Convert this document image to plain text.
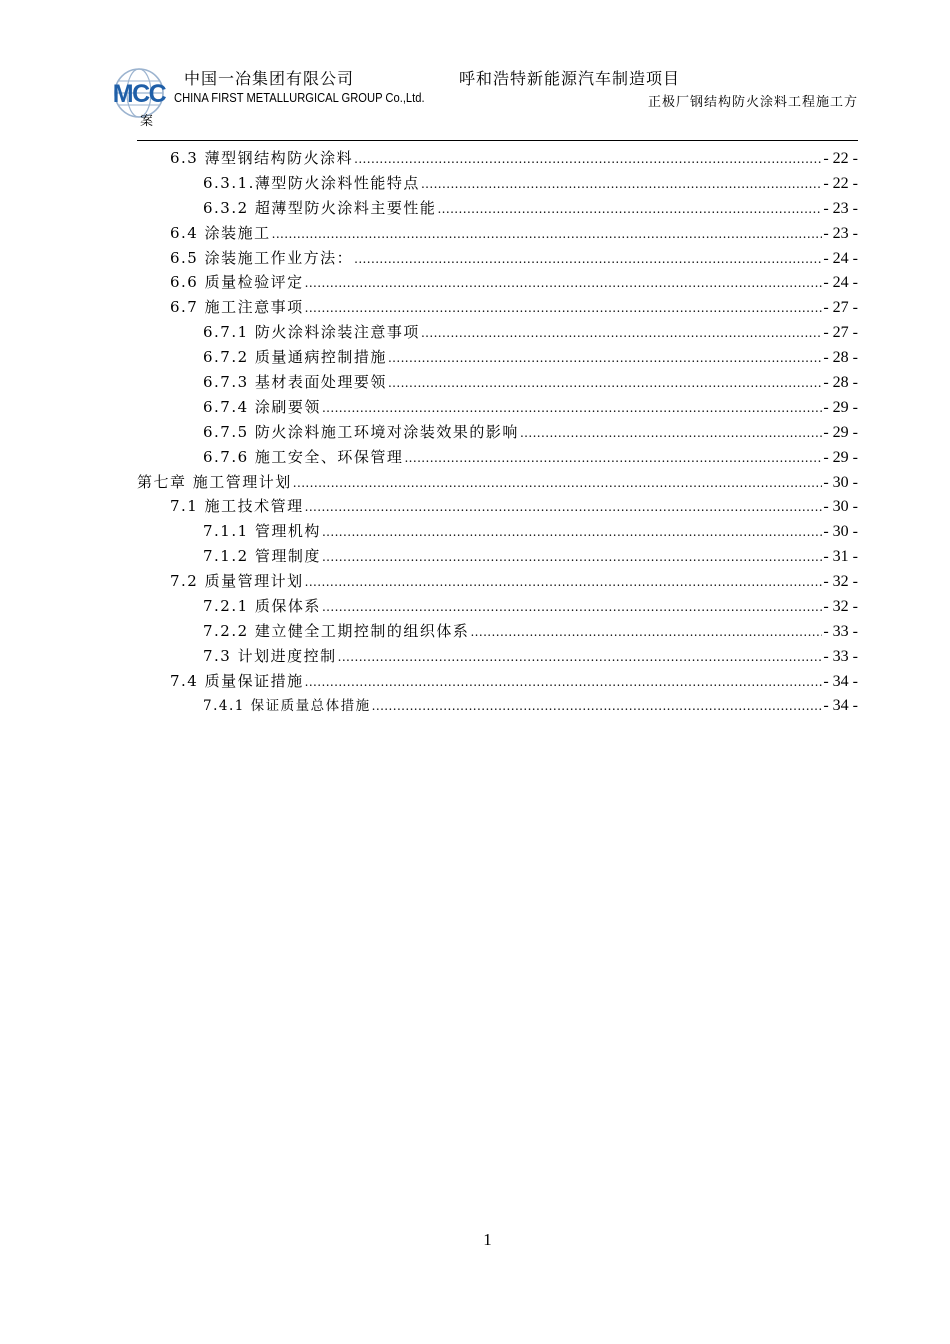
MCC
中国一冶集团有限公司
CHINA FIRST METALLURGICAL GROUP Co.,Ltd.
呼和浩特新能源汽车制造项目
正极厂钢结构防火涂料工程施工方
案
6.3 薄型钢结构防火涂料 .....	- 22 -
6.3.1.薄型防火涂料性能特点 .....	- 22 -
6.3.2 超薄型防火涂料主要性能 .....	- 23 -
6.4 涂装施工 .....	- 23 -
6.5 涂装施工作业方法： .....	- 24 -
6.6 质量检验评定 .....	- 24 -
6.7 施工注意事项 .....	- 27 -
6.7.1 防火涂料涂装注意事项 .....	- 27 -
6.7.2 质量通病控制措施 .....	- 28 -
6.7.3 基材表面处理要领 .....	- 28 -
6.7.4 涂刷要领 .....	- 29 -
6.7.5 防火涂料施工环境对涂装效果的影响 .....	- 29 -
6.7.6 施工安全、环保管理 .....	- 29 -
第七章 施工管理计划 .....	- 30 -
7.1 施工技术管理 .....	- 30 -
7.1.1 管理机构 .....	- 30 -
7.1.2 管理制度 .....	- 31 -
7.2 质量管理计划 .....	- 32 -
7.2.1 质保体系 .....	- 32 -
7.2.2 建立健全工期控制的组织体系 .....	- 33 -
7.3 计划进度控制 .....	- 33 -
7.4 质量保证措施 .....	- 34 -
7.4.1 保证质量总体措施 .....	- 34 -
1
